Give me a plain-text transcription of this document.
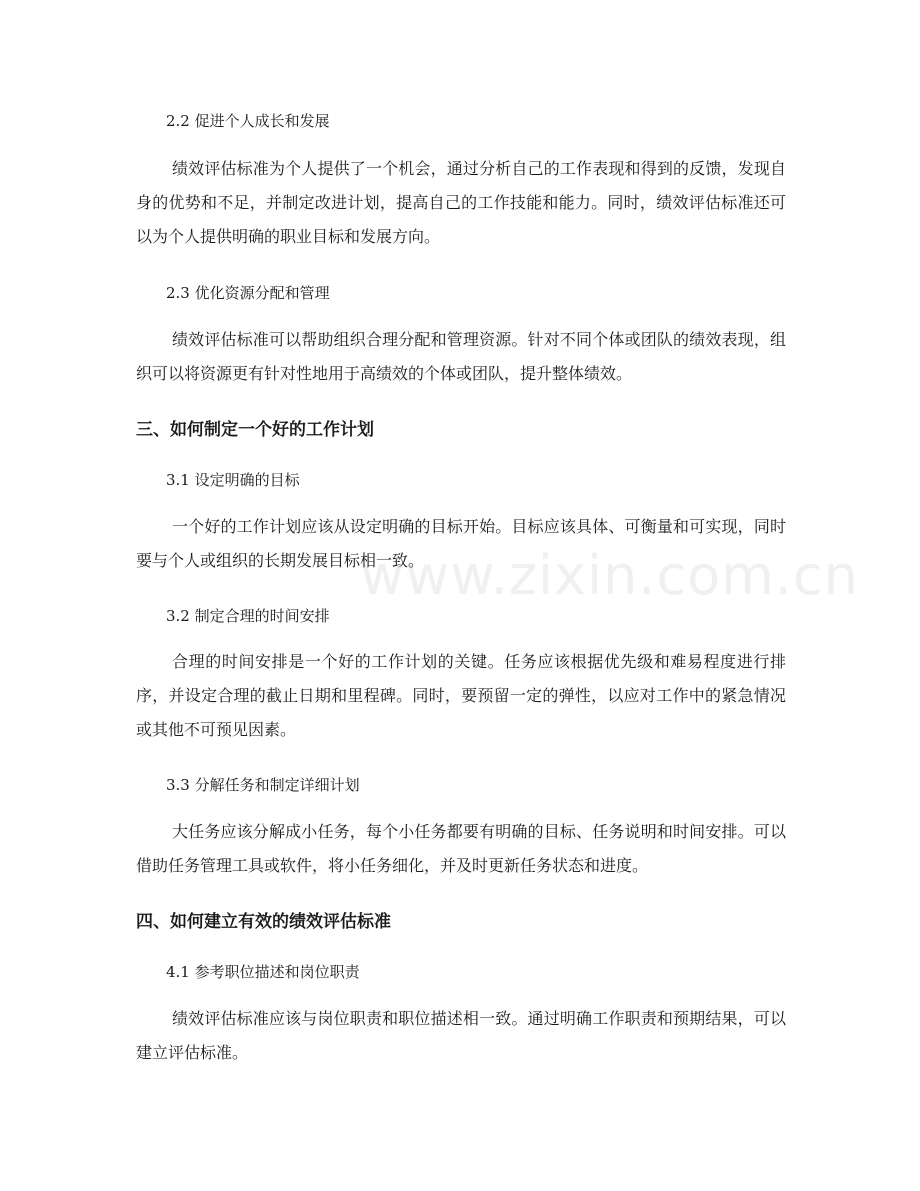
www.zixin.com.cn
2.2 促进个人成长和发展

绩效评估标准为个人提供了一个机会，通过分析自己的工作表现和得到的反馈，发现自身的优势和不足，并制定改进计划，提高自己的工作技能和能力。同时，绩效评估标准还可以为个人提供明确的职业目标和发展方向。

2.3 优化资源分配和管理

绩效评估标准可以帮助组织合理分配和管理资源。针对不同个体或团队的绩效表现，组织可以将资源更有针对性地用于高绩效的个体或团队，提升整体绩效。

三、如何制定一个好的工作计划
3.1 设定明确的目标

一个好的工作计划应该从设定明确的目标开始。目标应该具体、可衡量和可实现，同时要与个人或组织的长期发展目标相一致。

3.2 制定合理的时间安排

合理的时间安排是一个好的工作计划的关键。任务应该根据优先级和难易程度进行排序，并设定合理的截止日期和里程碑。同时，要预留一定的弹性，以应对工作中的紧急情况或其他不可预见因素。

3.3 分解任务和制定详细计划

大任务应该分解成小任务，每个小任务都要有明确的目标、任务说明和时间安排。可以借助任务管理工具或软件，将小任务细化，并及时更新任务状态和进度。

四、如何建立有效的绩效评估标准
4.1 参考职位描述和岗位职责

绩效评估标准应该与岗位职责和职位描述相一致。通过明确工作职责和预期结果，可以建立评估标准。
